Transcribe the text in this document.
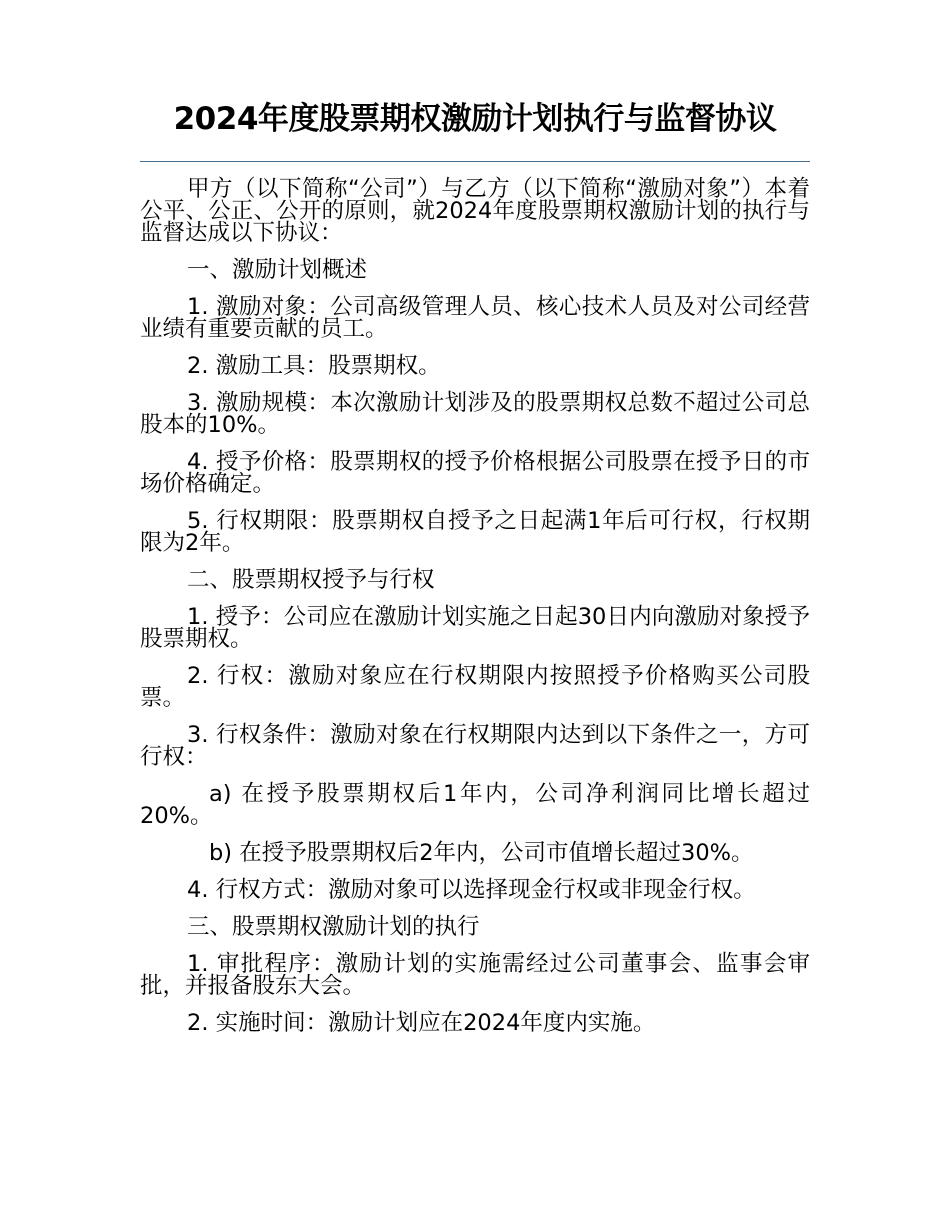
2024年度股票期权激励计划执行与监督协议

甲方（以下简称“公司”）与乙方（以下简称“激励对象”）本着公平、公正、公开的原则，就2024年度股票期权激励计划的执行与监督达成以下协议：

一、激励计划概述

1. 激励对象：公司高级管理人员、核心技术人员及对公司经营业绩有重要贡献的员工。

2. 激励工具：股票期权。

3. 激励规模：本次激励计划涉及的股票期权总数不超过公司总股本的10%。

4. 授予价格：股票期权的授予价格根据公司股票在授予日的市场价格确定。

5. 行权期限：股票期权自授予之日起满1年后可行权，行权期限为2年。

二、股票期权授予与行权

1. 授予：公司应在激励计划实施之日起30日内向激励对象授予股票期权。

2. 行权：激励对象应在行权期限内按照授予价格购买公司股票。

3. 行权条件：激励对象在行权期限内达到以下条件之一，方可行权：

a) 在授予股票期权后1年内，公司净利润同比增长超过20%。

b) 在授予股票期权后2年内，公司市值增长超过30%。

4. 行权方式：激励对象可以选择现金行权或非现金行权。

三、股票期权激励计划的执行

1. 审批程序：激励计划的实施需经过公司董事会、监事会审批，并报备股东大会。

2. 实施时间：激励计划应在2024年度内实施。
